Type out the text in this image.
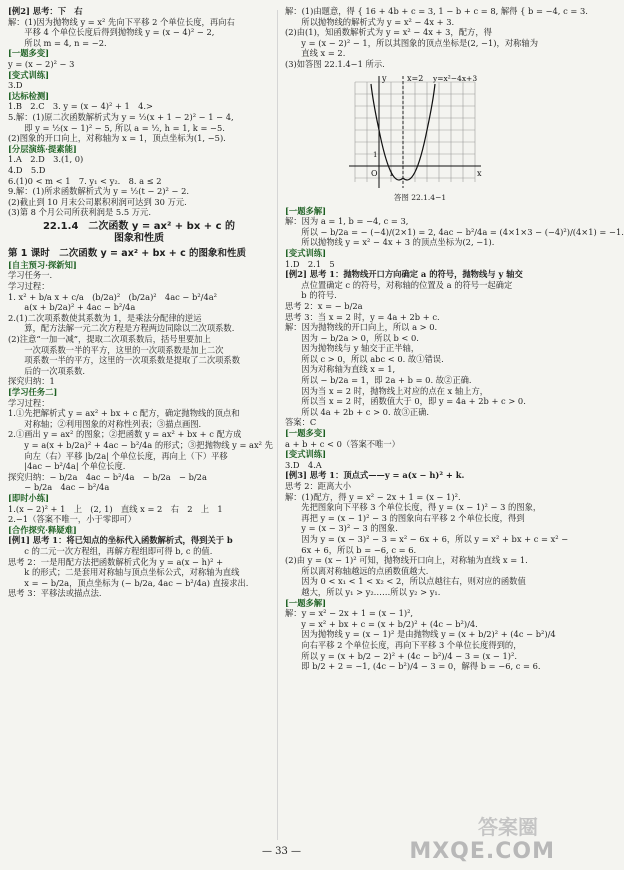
[例2] 思考：下　右
解：(1)因为抛物线 y = x² 先向下平移 2 个单位长度，再向右
　平移 4 个单位长度后得到抛物线 y = (x − 4)² − 2,
　所以 m = 4, n = −2.
[一题多变]
y = (x − 2)² − 3
[变式训练]
3.D
[达标检测]
1.B　2.C　3. y = (x − 4)² + 1　4.>
5.解：(1)原二次函数解析式为 y = ½(x + 1 − 2)² − 1 − 4,
　即 y = ½(x − 1)² − 5, 所以 a = ½, h = 1, k = −5.
(2)图象的开口向上，对称轴为 x = 1，顶点坐标为(1, −5).
[分层演练·提素能]
1.A　2.D　3.(1, 0)
4.D　5.D
6.(1)0 < m < 1　7. y₁ < y₂.　8. a ≤ 2
9.解：(1)所求函数解析式为 y = ½(t − 2)² − 2.
(2)截止到 10 月末公司累积利润可达到 30 万元.
(3)第 8 个月公司所获利润是 5.5 万元.
22.1.4　二次函数 y = ax² + bx + c 的
图象和性质
第 1 课时　二次函数 y = ax² + bx + c 的图象和性质
[自主预习·探新知]
学习任务一.
学习过程：
1. x² + b/a x + c/a　(b/2a)²　(b/2a)²　4ac − b²/4a²
　a(x + b/2a)² + 4ac − b²/4a
2.(1)二次项系数使其系数为 1，是乘法分配律的逆运
　算，配方法解一元二次方程是方程两边同除以二次项系数.
(2)注意“一加一减”，提取二次项系数后，括号里要加上
　一次项系数一半的平方，这里的一次项系数是加上二次
　项系数一半的平方，这里的一次项系数是提取了二次项系数
　后的一次项系数.
探究归纳：1
[学习任务二]
学习过程：
1.①先把解析式 y = ax² + bx + c 配方，确定抛物线的顶点和
　对称轴；②利用图象的对称性列表；③描点画图.
2.①画出 y = ax² 的图象；②把函数 y = ax² + bx + c 配方成
　y = a(x + b/2a)² + 4ac − b²/4a 的形式；③把抛物线 y = ax² 先
　向左（右）平移 |b/2a| 个单位长度，再向上（下）平移
　|4ac − b²/4a| 个单位长度.
探究归纳：− b/2a　4ac − b²/4a　− b/2a　− b/2a
　− b/2a　4ac − b²/4a
[即时小练]
1.(x − 2)² + 1　上　(2, 1)　直线 x = 2　右　2　上　1
2.−1（答案不唯一，小于零即可）
[合作探究·释疑难]
[例1] 思考 1：将已知点的坐标代入函数解析式，得到关于 b
　c 的二元一次方程组，再解方程组即可得 b, c 的值.
思考 2：一是用配方法把函数解析式化为 y = a(x − h)² +
　k 的形式；二是套用对称轴与顶点坐标公式，对称轴为直线
　x = − b/2a，顶点坐标为 (− b/2a, 4ac − b²/4a) 直接求出.
思考 3：平移法或描点法.
解：(1)由题意，得 { 16 + 4b + c = 3, 1 − b + c = 8, 解得 { b = −4, c = 3.
　所以抛物线的解析式为 y = x² − 4x + 3.
(2)由(1)，知函数解析式为 y = x² − 4x + 3，配方，得
　y = (x − 2)² − 1，所以其图象的顶点坐标是(2, −1)，对称轴为
　直线 x = 2.
(3)如答图 22.1.4−1 所示.
x=2 y=x²−4x+3
y
x
O 1
1
答图 22.1.4−1
[一题多解]
解：因为 a = 1, b = −4, c = 3,
　所以 − b/2a = − (−4)/(2×1) = 2, 4ac − b²/4a = (4×1×3 − (−4)²)/(4×1) = −1.
　所以抛物线 y = x² − 4x + 3 的顶点坐标为(2, −1).
[变式训练]
1.D　2.1　5
[例2] 思考 1：抛物线开口方向确定 a 的符号，抛物线与 y 轴交
　点位置确定 c 的符号，对称轴的位置及 a 的符号一起确定
　b 的符号.
思考 2：x = − b/2a
思考 3：当 x = 2 时，y = 4a + 2b + c.
解：因为抛物线的开口向上，所以 a > 0.
　因为 − b/2a > 0，所以 b < 0.
　因为抛物线与 y 轴交于正半轴，
　所以 c > 0，所以 abc < 0. 故①错误.
　因为对称轴为直线 x = 1,
　所以 − b/2a = 1，即 2a + b = 0. 故②正确.
　因为当 x = 2 时，抛物线上对应的点在 x 轴上方，
　所以当 x = 2 时，函数值大于 0，即 y = 4a + 2b + c > 0.
　所以 4a + 2b + c > 0. 故③正确.
答案：C
[一题多变]
a + b + c < 0（答案不唯一）
[变式训练]
3.D　4.A
[例3] 思考 1：顶点式——y = a(x − h)² + k.
思考 2：距离大小
解：(1)配方，得 y = x² − 2x + 1 = (x − 1)².
　先把图象向下平移 3 个单位长度，得 y = (x − 1)² − 3 的图象，
　再把 y = (x − 1)² − 3 的图象向右平移 2 个单位长度，得到
　y = (x − 3)² − 3 的图象.
　因为 y = (x − 3)² − 3 = x² − 6x + 6，所以 y = x² + bx + c = x² −
　6x + 6，所以 b = −6, c = 6.
(2)由 y = (x − 1)² 可知，抛物线开口向上，对称轴为直线 x = 1.
　所以离对称轴越远的点函数值越大.
　因为 0 < x₁ < 1 < x₂ < 2，所以点越往右，则对应的函数值
　越大，所以 y₁ > y₂……所以 y₂ > y₁.
[一题多解]
解：y = x² − 2x + 1 = (x − 1)²,
　y = x² + bx + c = (x + b/2)² + (4c − b²)/4.
　因为抛物线 y = (x − 1)² 是由抛物线 y = (x + b/2)² + (4c − b²)/4
　向右平移 2 个单位长度，再向下平移 3 个单位长度得到的，
　所以 y = (x + b/2 − 2)² + (4c − b²)/4 − 3 = (x − 1)².
　即 b/2 + 2 = −1, (4c − b²)/4 − 3 = 0，解得 b = −6, c = 6.
— 33 —
答案圈
MXQE.COM
